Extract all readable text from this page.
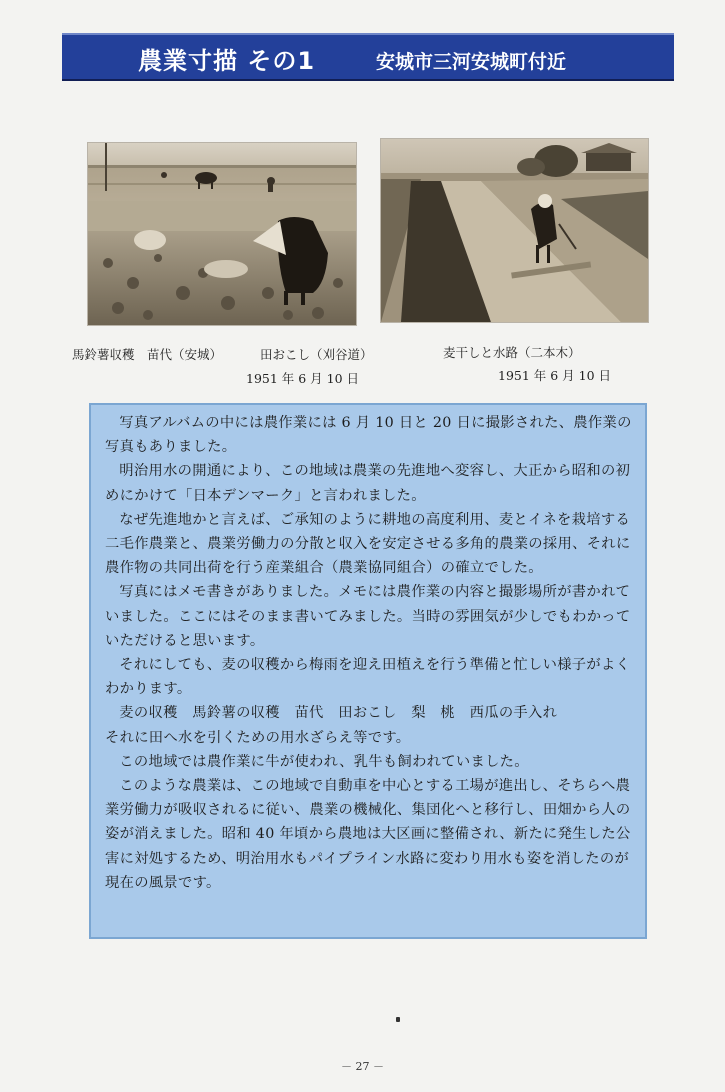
農業寸描 その1	安城市三河安城町付近
馬鈴薯収穫　苗代（安城）	田おこし（刈谷道）
1951 年 6 月 10 日
麦干しと水路（二本木）
1951 年 6 月 10 日

写真アルバムの中には農作業には 6 月 10 日と 20 日に撮影された、農作業の写真もありました。

明治用水の開通により、この地域は農業の先進地へ変容し、大正から昭和の初めにかけて「日本デンマーク」と言われました。

なぜ先進地かと言えば、ご承知のように耕地の高度利用、麦とイネを栽培する二毛作農業と、農業労働力の分散と収入を安定させる多角的農業の採用、それに農作物の共同出荷を行う産業組合（農業協同組合）の確立でした。

写真にはメモ書きがありました。メモには農作業の内容と撮影場所が書かれていました。ここにはそのまま書いてみました。当時の雰囲気が少しでもわかっていただけると思います。

それにしても、麦の収穫から梅雨を迎え田植えを行う準備と忙しい様子がよくわかります。

麦の収穫　馬鈴薯の収穫　苗代　田おこし　梨　桃　西瓜の手入れ

それに田へ水を引くための用水ざらえ等です。

この地域では農作業に牛が使われ、乳牛も飼われていました。

このような農業は、この地域で自動車を中心とする工場が進出し、そちらへ農業労働力が吸収されるに従い、農業の機械化、集団化へと移行し、田畑から人の姿が消えました。昭和 40 年頃から農地は大区画に整備され、新たに発生した公害に対処するため、明治用水もパイプライン水路に変わり用水も姿を消したのが現在の風景です。

－ 27 －
